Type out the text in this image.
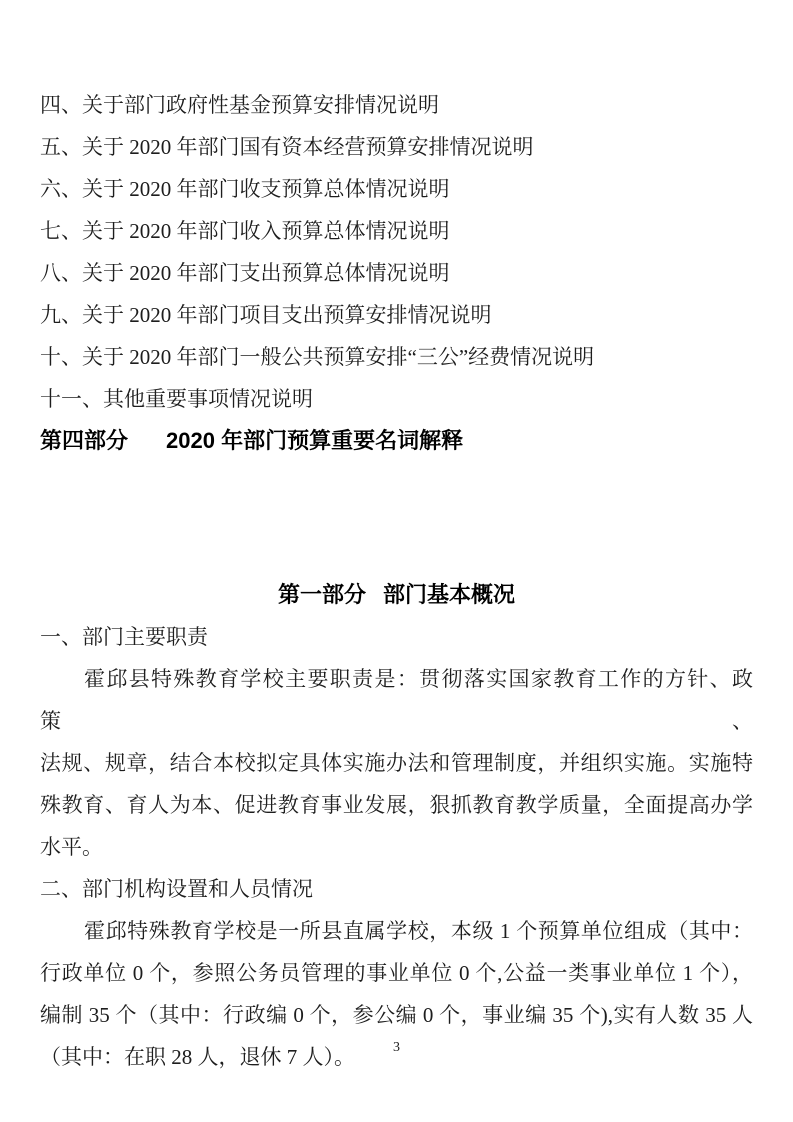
四、关于部门政府性基金预算安排情况说明

五、关于 2020 年部门国有资本经营预算安排情况说明

六、关于 2020 年部门收支预算总体情况说明

七、关于 2020 年部门收入预算总体情况说明

八、关于 2020 年部门支出预算总体情况说明

九、关于 2020 年部门项目支出预算安排情况说明

十、关于 2020 年部门一般公共预算安排“三公”经费情况说明

十一、其他重要事项情况说明

第四部分 2020 年部门预算重要名词解释

第一部分 部门基本概况

一、部门主要职责

霍邱县特殊教育学校主要职责是：贯彻落实国家教育工作的方针、政策、

法规、规章，结合本校拟定具体实施办法和管理制度，并组织实施。实施特

殊教育、育人为本、促进教育事业发展，狠抓教育教学质量，全面提高办学

水平。

二、部门机构设置和人员情况

霍邱特殊教育学校是一所县直属学校，本级 1 个预算单位组成（其中：

行政单位 0 个，参照公务员管理的事业单位 0 个,公益一类事业单位 1 个），

编制 35 个（其中：行政编 0 个，参公编 0 个，事业编 35 个),实有人数 35 人

（其中：在职 28 人，退休 7 人）。	3
